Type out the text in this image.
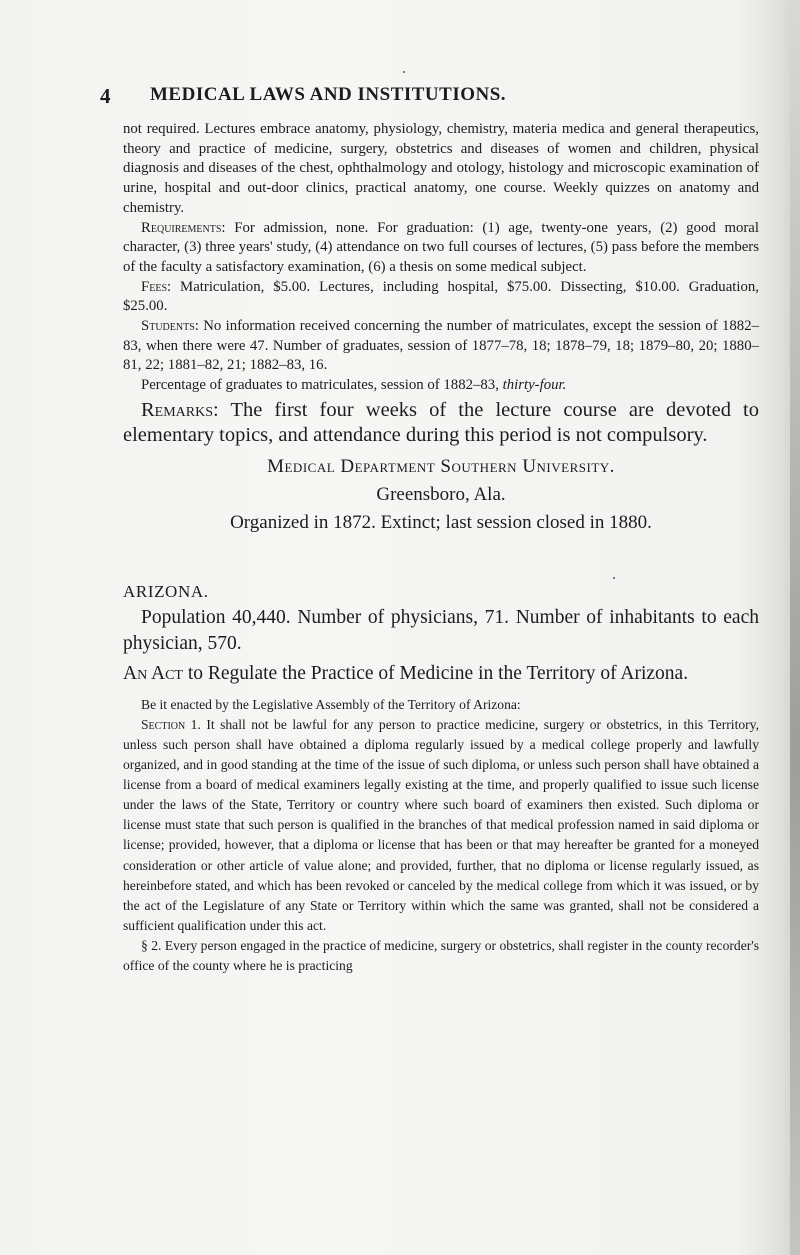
4 MEDICAL LAWS AND INSTITUTIONS.

not required. Lectures embrace anatomy, physiology, chemistry, materia medica and general therapeutics, theory and practice of medicine, surgery, obstetrics and diseases of women and children, physical diagnosis and diseases of the chest, ophthalmology and otology, histology and microscopic examination of urine, hospital and out-door clinics, practical anatomy, one course. Weekly quizzes on anatomy and chemistry.

Requirements: For admission, none. For graduation: (1) age, twenty-one years, (2) good moral character, (3) three years' study, (4) attendance on two full courses of lectures, (5) pass before the members of the faculty a satisfactory examination, (6) a thesis on some medical subject.

Fees: Matriculation, $5.00. Lectures, including hospital, $75.00. Dissecting, $10.00. Graduation, $25.00.

Students: No information received concerning the number of matriculates, except the session of 1882–83, when there were 47. Number of graduates, session of 1877–78, 18; 1878–79, 18; 1879–80, 20; 1880–81, 22; 1881–82, 21; 1882–83, 16.

Percentage of graduates to matriculates, session of 1882–83, thirty-four.

Remarks: The first four weeks of the lecture course are devoted to elementary topics, and attendance during this period is not compulsory.

Medical Department Southern University.

Greensboro, Ala.

Organized in 1872. Extinct; last session closed in 1880.

ARIZONA.

Population 40,440. Number of physicians, 71. Number of inhabitants to each physician, 570.

An Act to Regulate the Practice of Medicine in the Territory of Arizona.

Be it enacted by the Legislative Assembly of the Territory of Arizona:

Section 1. It shall not be lawful for any person to practice medicine, surgery or obstetrics, in this Territory, unless such person shall have obtained a diploma regularly issued by a medical college properly and lawfully organized, and in good standing at the time of the issue of such diploma, or unless such person shall have obtained a license from a board of medical examiners legally existing at the time, and properly qualified to issue such license under the laws of the State, Territory or country where such board of examiners then existed. Such diploma or license must state that such person is qualified in the branches of that medical profession named in said diploma or license; provided, however, that a diploma or license that has been or that may hereafter be granted for a moneyed consideration or other article of value alone; and provided, further, that no diploma or license regularly issued, as hereinbefore stated, and which has been revoked or canceled by the medical college from which it was issued, or by the act of the Legislature of any State or Territory within which the same was granted, shall not be considered a sufficient qualification under this act.

§ 2. Every person engaged in the practice of medicine, surgery or obstetrics, shall register in the county recorder's office of the county where he is practicing
